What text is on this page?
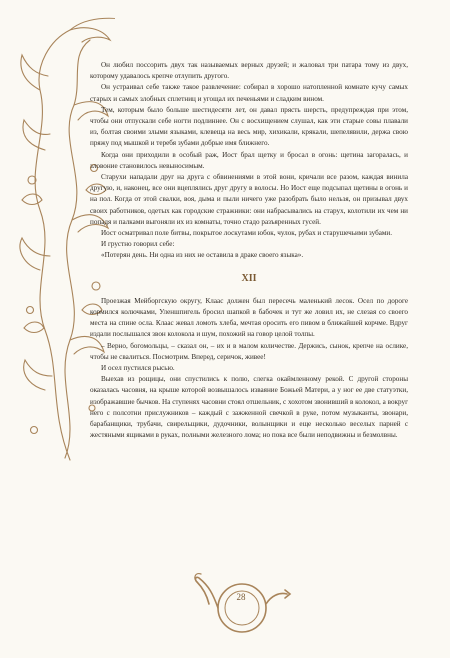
Он любил поссорить двух так называемых верных друзей; и жаловал три патара тому из двух, которому удавалось крепче отлупить другого.

Он устраивал себе также такое развлечение: собирал в хорошо натопленной комнате кучу самых старых и самых злобных сплетниц и угощал их печеньями и сладким вином.

Тем, которым было больше шестидесяти лет, он давал прясть шерсть, предупреждая при этом, чтобы они отпускали себе ногти подлиннее. Он с восхищением слушал, как эти старые совы плавали из, болтая своими злыми языками, клевеща на весь мир, хихикали, крякали, шепелявили, держа свою пряжу под мышкой и теребя зубами добрые имя ближнего.

Когда они приходили в особый раж, Иост брал щетку и бросал в огонь: щетина загоралась, и зловоние становилось невыносимым.

Старухи нападали друг на друга с обвинениями в этой вони, кричали все разом, каждая винила другую, и, наконец, все они вцеплялись друг другу в волосы. Но Иост еще подсыпал щетины в огонь и на пол. Когда от этой свалки, воя, дыма и пыли ничего уже разобрать было нельзя, он призывал двух своих работников, одетых как городские стражники: они набрасывались на старух, колотили их чем ни попадя и палками выгоняли их из комнаты, точно стадо разъяренных гусей.

Иост осматривал поле битвы, покрытое лоскутами юбок, чулок, рубах и старушечьими зубами.

И грустно говорил себе:

«Потерян день. Ни одна из них не оставила в драке своего языка».

XII

Проезжая Мейборгскую округу, Клаас должен был пересечь маленький лесок. Осел по дороге кормился колючками, Уленшпигель бросил шапкой в бабочек и тут же ловил их, не слезая со своего места на спине осла. Клаас жевал ломоть хлеба, мечтая оросить его пивом в ближайшей корчме. Вдруг издали послышался звон колокола и шум, похожий на говор целой толпы.

– Верно, богомольцы, – сказал он, – их и в малом количестве. Держись, сынок, крепче на ослике, чтобы не свалиться. Посмотрим. Вперед, серичок, живее!

И осел пустился рысью.

Выехав из рощицы, они спустились к полю, слегка окаймленному рекой. С другой стороны оказалась часовня, на крыше которой возвышалось изваяние Божьей Матери, а у ног ее две статуэтки, изображавшие бычков. На ступенях часовни стоял отшельник, с хохотом звонивший в колокол, а вокруг него с полсотни прислужников – каждый с зажженной свечкой в руке, потом музыканты, звонари, барабанщики, трубачи, свирельщики, дудочники, волынщики и еще несколько веселых парней с жестяными ящиками в руках, полными железного лома; но пока все были неподвижны и безмолвны.

28
